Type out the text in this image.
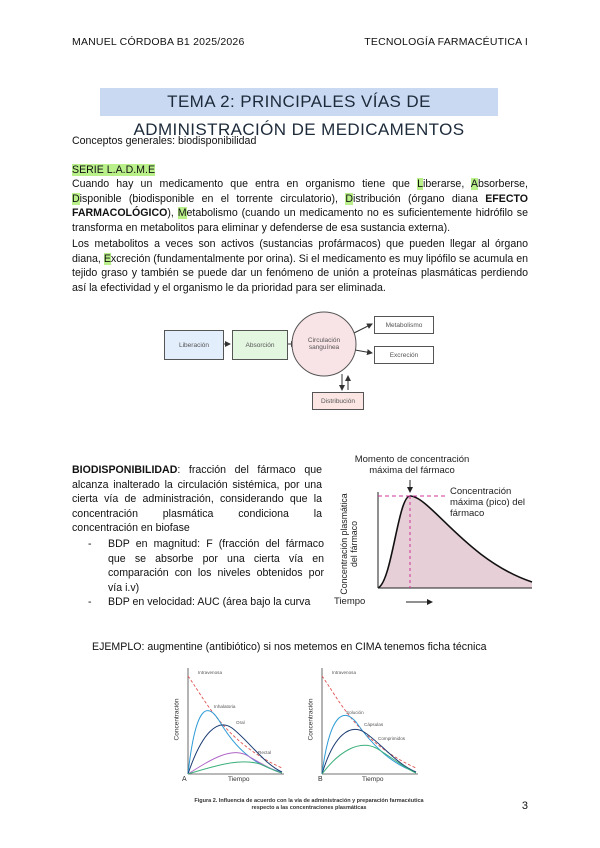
MANUEL CÓRDOBA B1 2025/2026	TECNOLOGÍA FARMACÉUTICA I
TEMA 2: PRINCIPALES VÍAS DE ADMINISTRACIÓN DE MEDICAMENTOS
Conceptos generales: biodisponibilidad
SERIE L.A.D.M.E
Cuando hay un medicamento que entra en organismo tiene que Liberarse, Absorberse, Disponible (biodisponible en el torrente circulatorio), Distribución (órgano diana EFECTO FARMACOLÓGICO), Metabolismo (cuando un medicamento no es suficientemente hidrófilo se transforma en metabolitos para eliminar y defenderse de esa sustancia externa).
Los metabolitos a veces son activos (sustancias profármacos) que pueden llegar al órgano diana, Excreción (fundamentalmente por orina). Si el medicamento es muy lipófilo se acumula en tejido graso y también se puede dar un fenómeno de unión a proteínas plasmáticas perdiendo así la efectividad y el organismo le da prioridad para ser eliminada.
Liberación	Absorción
Circulación sanguínea
Metabolismo
Excreción
Distribución
BIODISPONIBILIDAD: fracción del fármaco que alcanza inalterado la circulación sistémica, por una cierta vía de administración, considerando que la concentración plasmática condiciona la concentración en biofase
- BDP en magnitud: F (fracción del fármaco que se absorbe por una cierta vía en comparación con los niveles obtenidos por vía i.v)
- BDP en velocidad: AUC (área bajo la curva
Momento de concentración máxima del fármaco
Concentración máxima (pico) del fármaco
Concentración plasmática del fármaco
Tiempo
EJEMPLO: augmentine (antibiótico) si nos metemos en CIMA tenemos ficha técnica
Intravenosa
Inhalatoria
Oral
Rectal
Intravenosa
Solución
Cápsulas
Comprimidos
Concentración	Concentración
Tiempo	Tiempo
A	B
Figura 2. Influencia de acuerdo con la vía de administración y preparación farmacéutica respecto a las concentraciones plasmáticas	3
